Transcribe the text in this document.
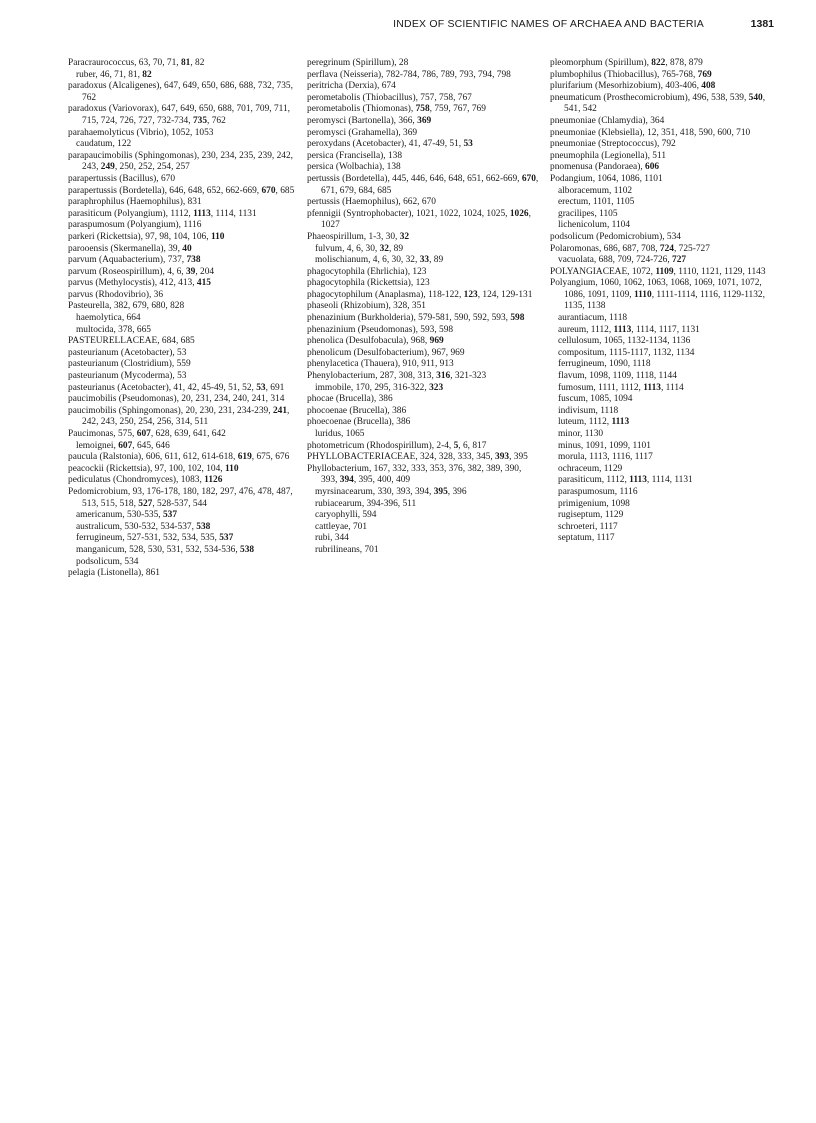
INDEX OF SCIENTIFIC NAMES OF ARCHAEA AND BACTERIA	1381
Paracraurococcus, 63, 70, 71, 81, 82
ruber, 46, 71, 81, 82
paradoxus (Alcaligenes), 647, 649, 650, 686, 688, 732, 735, 762
paradoxus (Variovorax), 647, 649, 650, 688, 701, 709, 711, 715, 724, 726, 727, 732-734, 735, 762
parahaemolyticus (Vibrio), 1052, 1053
caudatum, 122
parapaucimobilis (Sphingomonas), 230, 234, 235, 239, 242, 243, 249, 250, 252, 254, 257
parapertussis (Bacillus), 670
parapertussis (Bordetella), 646, 648, 652, 662-669, 670, 685
paraphrophilus (Haemophilus), 831
parasiticum (Polyangium), 1112, 1113, 1114, 1131
paraspumosum (Polyangium), 1116
parkeri (Rickettsia), 97, 98, 104, 106, 110
parooensis (Skermanella), 39, 40
parvum (Aquabacterium), 737, 738
parvum (Roseospirillum), 4, 6, 39, 204
parvus (Methylocystis), 412, 413, 415
parvus (Rhodovibrio), 36
Pasteurella, 382, 679, 680, 828
haemolytica, 664
multocida, 378, 665
PASTEURELLACEAE, 684, 685
pasteurianum (Acetobacter), 53
pasteurianum (Clostridium), 559
pasteurianum (Mycoderma), 53
pasteurianus (Acetobacter), 41, 42, 45-49, 51, 52, 53, 691
paucimobilis (Pseudomonas), 20, 231, 234, 240, 241, 314
paucimobilis (Sphingomonas), 20, 230, 231, 234-239, 241, 242, 243, 250, 254, 256, 314, 511
Paucimonas, 575, 607, 628, 639, 641, 642
lemoignei, 607, 645, 646
paucula (Ralstonia), 606, 611, 612, 614-618, 619, 675, 676
peacockii (Rickettsia), 97, 100, 102, 104, 110
pediculatus (Chondromyces), 1083, 1126
Pedomicrobium, 93, 176-178, 180, 182, 297, 476, 478, 487, 513, 515, 518, 527, 528-537, 544
americanum, 530-535, 537
australicum, 530-532, 534-537, 538
ferrugineum, 527-531, 532, 534, 535, 537
manganicum, 528, 530, 531, 532, 534-536, 538
podsolicum, 534
pelagia (Listonella), 861
peregrinum (Spirillum), 28
perflava (Neisseria), 782-784, 786, 789, 793, 794, 798
peritricha (Derxia), 674
perometabolis (Thiobacillus), 757, 758, 767
perometabolis (Thiomonas), 758, 759, 767, 769
peromysci (Bartonella), 366, 369
peromysci (Grahamella), 369
peroxydans (Acetobacter), 41, 47-49, 51, 53
persica (Francisella), 138
persica (Wolbachia), 138
pertussis (Bordetella), 445, 446, 646, 648, 651, 662-669, 670, 671, 679, 684, 685
pertussis (Haemophilus), 662, 670
pfennigii (Syntrophobacter), 1021, 1022, 1024, 1025, 1026, 1027
Phaeospirillum, 1-3, 30, 32
fulvum, 4, 6, 30, 32, 89
molischianum, 4, 6, 30, 32, 33, 89
phagocytophila (Ehrlichia), 123
phagocytophila (Rickettsia), 123
phagocytophilum (Anaplasma), 118-122, 123, 124, 129-131
phaseoli (Rhizobium), 328, 351
phenazinium (Burkholderia), 579-581, 590, 592, 593, 598
phenazinium (Pseudomonas), 593, 598
phenolica (Desulfobacula), 968, 969
phenolicum (Desulfobacterium), 967, 969
phenylacetica (Thauera), 910, 911, 913
Phenylobacterium, 287, 308, 313, 316, 321-323
immobile, 170, 295, 316-322, 323
phocae (Brucella), 386
phocoenae (Brucella), 386
phoecoenae (Brucella), 386
luridus, 1065
photometricum (Rhodospirillum), 2-4, 5, 6, 817
PHYLLOBACTERIACEAE, 324, 328, 333, 345, 393, 395
Phyllobacterium, 167, 332, 333, 353, 376, 382, 389, 390, 393, 394, 395, 400, 409
myrsinacearum, 330, 393, 394, 395, 396
rubiacearum, 394-396, 511
caryophylli, 594
cattleyae, 701
rubi, 344
rubrilineans, 701
pleomorphum (Spirillum), 822, 878, 879
plumbophilus (Thiobacillus), 765-768, 769
plurifarium (Mesorhizobium), 403-406, 408
pneumaticum (Prosthecomicrobium), 496, 538, 539, 540, 541, 542
pneumoniae (Chlamydia), 364
pneumoniae (Klebsiella), 12, 351, 418, 590, 600, 710
pneumoniae (Streptococcus), 792
pneumophila (Legionella), 511
pnomenusa (Pandoraea), 606
Podangium, 1064, 1086, 1101
alboracemum, 1102
erectum, 1101, 1105
gracilipes, 1105
lichenicolum, 1104
podsolicum (Pedomicrobium), 534
Polaromonas, 686, 687, 708, 724, 725-727
vacuolata, 688, 709, 724-726, 727
POLYANGIACEAE, 1072, 1109, 1110, 1121, 1129, 1143
Polyangium, 1060, 1062, 1063, 1068, 1069, 1071, 1072, 1086, 1091, 1109, 1110, 1111-1114, 1116, 1129-1132, 1135, 1138
aurantiacum, 1118
aureum, 1112, 1113, 1114, 1117, 1131
cellulosum, 1065, 1132-1134, 1136
compositum, 1115-1117, 1132, 1134
ferrugineum, 1090, 1118
flavum, 1098, 1109, 1118, 1144
fumosum, 1111, 1112, 1113, 1114
fuscum, 1085, 1094
indivisum, 1118
luteum, 1112, 1113
minor, 1130
minus, 1091, 1099, 1101
morula, 1113, 1116, 1117
ochraceum, 1129
parasiticum, 1112, 1113, 1114, 1131
paraspumosum, 1116
primigenium, 1098
rugiseptum, 1129
schroeteri, 1117
septatum, 1117
